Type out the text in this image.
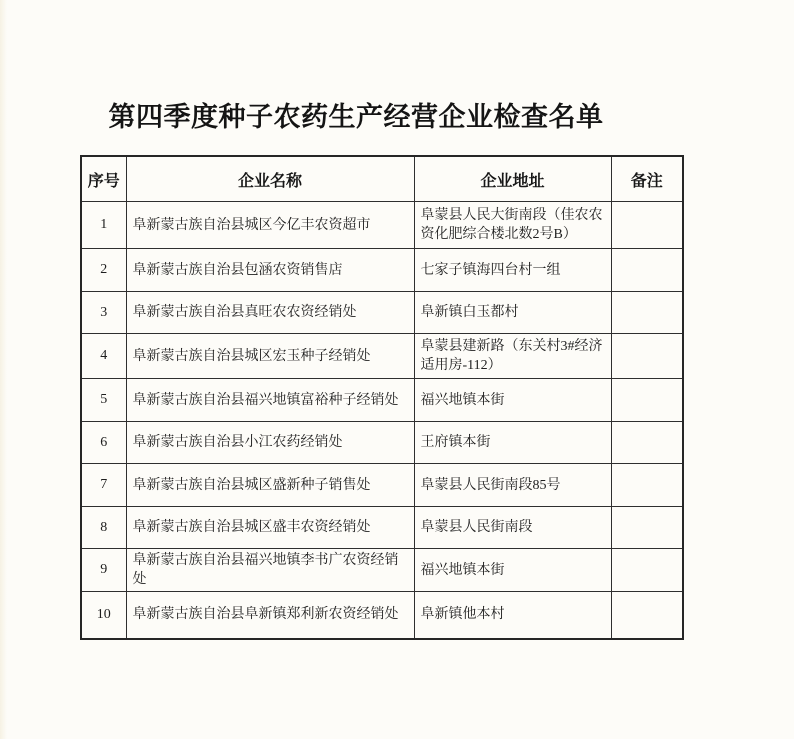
第四季度种子农药生产经营企业检查名单
序号	企业名称	企业地址	备注
1	阜新蒙古族自治县城区今亿丰农资超市	阜蒙县人民大街南段（佳农农资化肥综合楼北数2号B）	
2	阜新蒙古族自治县包涵农资销售店	七家子镇海四台村一组	
3	阜新蒙古族自治县真旺农农资经销处	阜新镇白玉都村	
4	阜新蒙古族自治县城区宏玉种子经销处	阜蒙县建新路（东关村3#经济适用房-112）	
5	阜新蒙古族自治县福兴地镇富裕种子经销处	福兴地镇本街	
6	阜新蒙古族自治县小江农药经销处	王府镇本街	
7	阜新蒙古族自治县城区盛新种子销售处	阜蒙县人民街南段85号	
8	阜新蒙古族自治县城区盛丰农资经销处	阜蒙县人民街南段	
9	阜新蒙古族自治县福兴地镇李书广农资经销处	福兴地镇本街	
10	阜新蒙古族自治县阜新镇郑利新农资经销处	阜新镇他本村	
